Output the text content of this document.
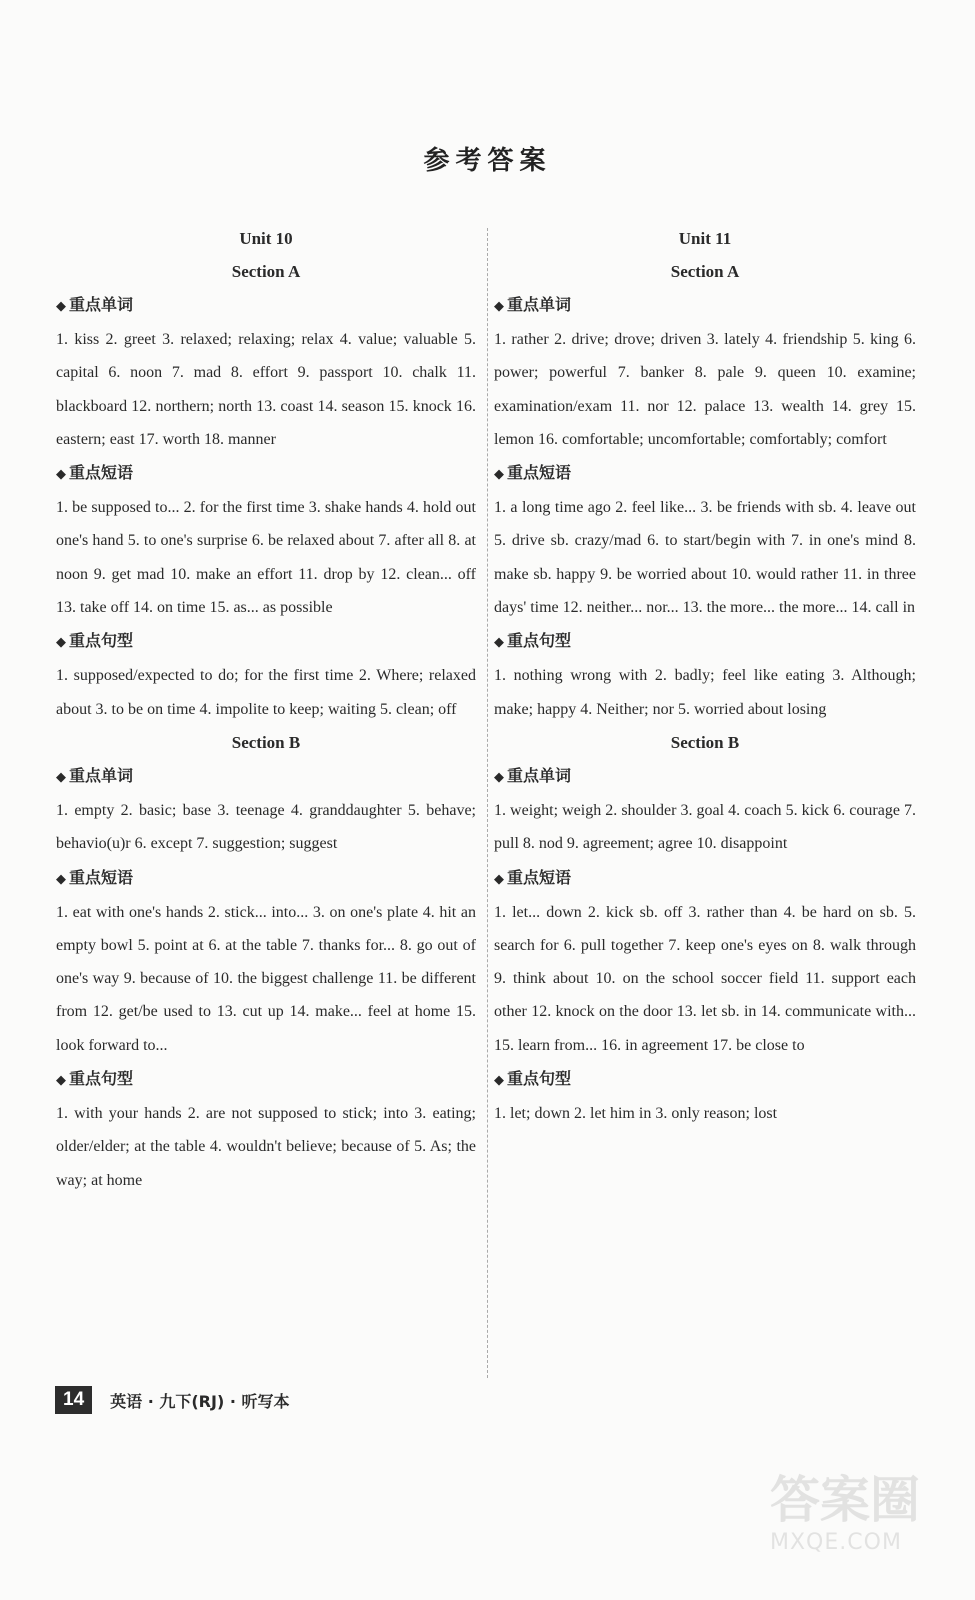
参考答案

Unit 10

Section A

◆ 重点单词

1. kiss 2. greet 3. relaxed; relaxing; relax 4. value; valuable 5. capital 6. noon 7. mad 8. effort 9. passport 10. chalk 11. blackboard 12. northern; north 13. coast 14. season 15. knock 16. eastern; east 17. worth 18. manner

◆ 重点短语

1. be supposed to... 2. for the first time 3. shake hands 4. hold out one's hand 5. to one's surprise 6. be relaxed about 7. after all 8. at noon 9. get mad 10. make an effort 11. drop by 12. clean... off 13. take off 14. on time 15. as... as possible

◆ 重点句型

1. supposed/expected to do; for the first time 2. Where; relaxed about 3. to be on time 4. impolite to keep; waiting 5. clean; off

Section B

◆ 重点单词

1. empty 2. basic; base 3. teenage 4. granddaughter 5. behave; behavio(u)r 6. except 7. suggestion; suggest

◆ 重点短语

1. eat with one's hands 2. stick... into... 3. on one's plate 4. hit an empty bowl 5. point at 6. at the table 7. thanks for... 8. go out of one's way 9. because of 10. the biggest challenge 11. be different from 12. get/be used to 13. cut up 14. make... feel at home 15. look forward to...

◆ 重点句型

1. with your hands 2. are not supposed to stick; into 3. eating; older/elder; at the table 4. wouldn't believe; because of 5. As; the way; at home

Unit 11

Section A

◆ 重点单词

1. rather 2. drive; drove; driven 3. lately 4. friendship 5. king 6. power; powerful 7. banker 8. pale 9. queen 10. examine; examination/exam 11. nor 12. palace 13. wealth 14. grey 15. lemon 16. comfortable; uncomfortable; comfortably; comfort

◆ 重点短语

1. a long time ago 2. feel like... 3. be friends with sb. 4. leave out 5. drive sb. crazy/mad 6. to start/begin with 7. in one's mind 8. make sb. happy 9. be worried about 10. would rather 11. in three days' time 12. neither... nor... 13. the more... the more... 14. call in

◆ 重点句型

1. nothing wrong with 2. badly; feel like eating 3. Although; make; happy 4. Neither; nor 5. worried about losing

Section B

◆ 重点单词

1. weight; weigh 2. shoulder 3. goal 4. coach 5. kick 6. courage 7. pull 8. nod 9. agreement; agree 10. disappoint

◆ 重点短语

1. let... down 2. kick sb. off 3. rather than 4. be hard on sb. 5. search for 6. pull together 7. keep one's eyes on 8. walk through 9. think about 10. on the school soccer field 11. support each other 12. knock on the door 13. let sb. in 14. communicate with... 15. learn from... 16. in agreement 17. be close to

◆ 重点句型

1. let; down 2. let him in 3. only reason; lost

14	英语 · 九下(RJ) · 听写本
答案圈
MXQE.COM
